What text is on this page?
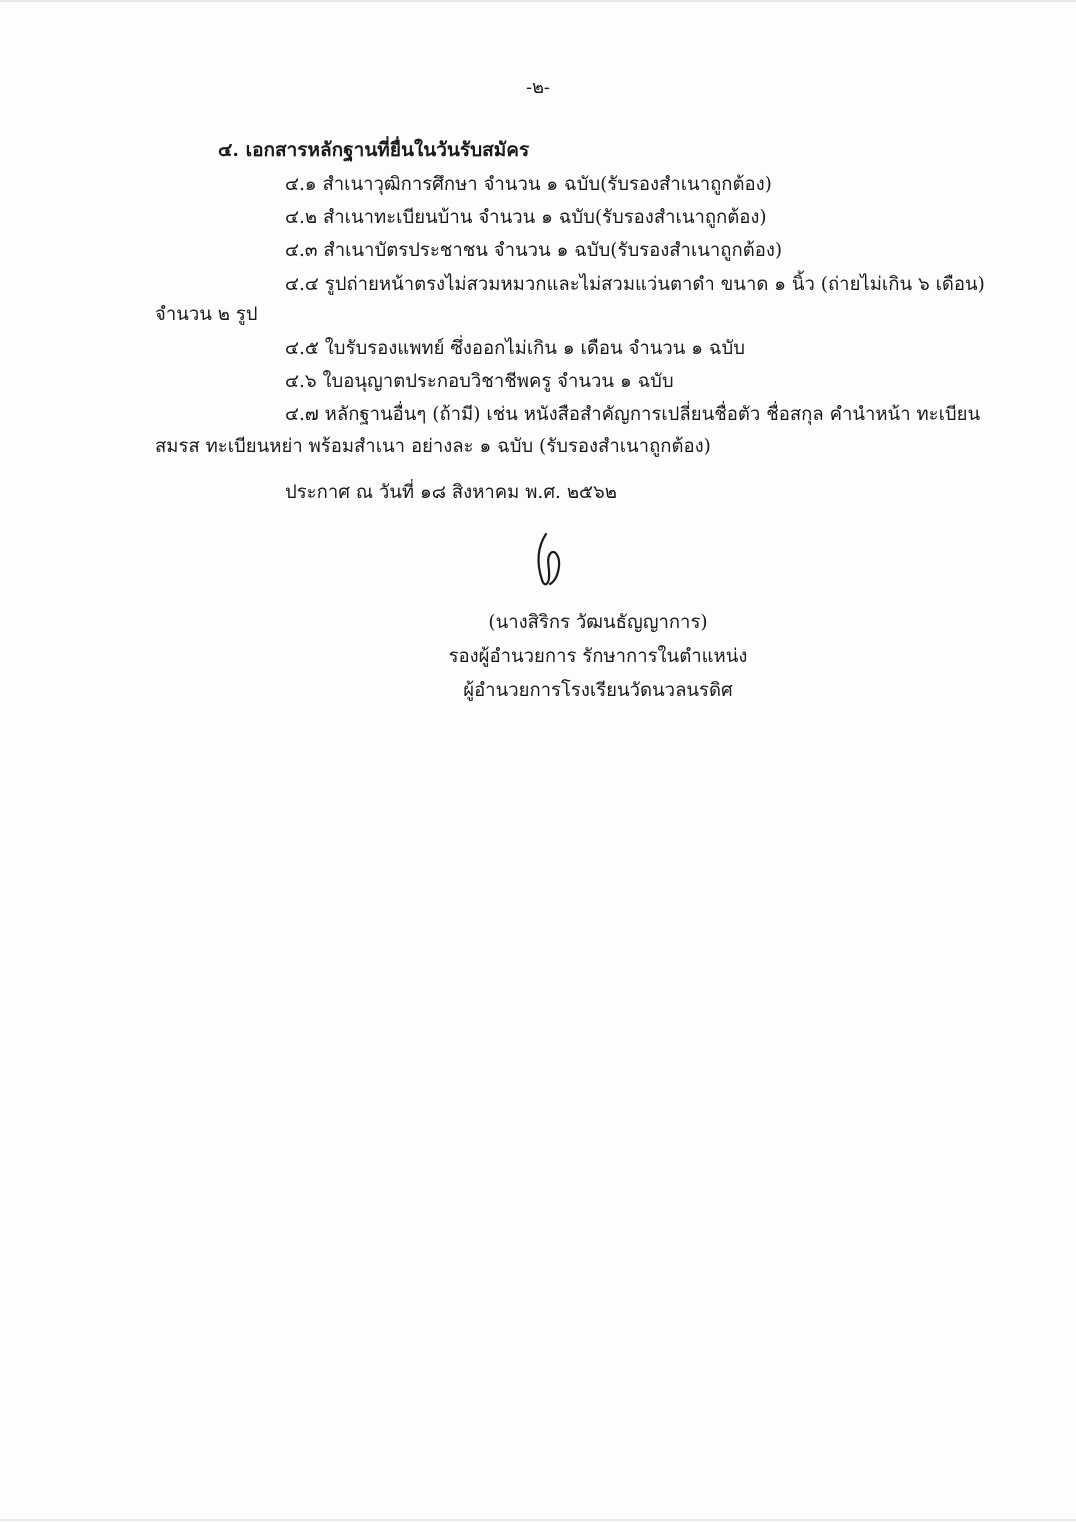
-๒-
๔. เอกสารหลักฐานที่ยื่นในวันรับสมัคร
๔.๑ สำเนาวุฒิการศึกษา จำนวน ๑ ฉบับ(รับรองสำเนาถูกต้อง)
๔.๒ สำเนาทะเบียนบ้าน จำนวน ๑ ฉบับ(รับรองสำเนาถูกต้อง)
๔.๓ สำเนาบัตรประชาชน จำนวน ๑ ฉบับ(รับรองสำเนาถูกต้อง)
๔.๔ รูปถ่ายหน้าตรงไม่สวมหมวกและไม่สวมแว่นตาดำ ขนาด ๑ นิ้ว (ถ่ายไม่เกิน ๖ เดือน)
จำนวน ๒ รูป
๔.๕ ใบรับรองแพทย์ ซึ่งออกไม่เกิน ๑ เดือน จำนวน ๑ ฉบับ
๔.๖ ใบอนุญาตประกอบวิชาชีพครู จำนวน ๑ ฉบับ
๔.๗ หลักฐานอื่นๆ (ถ้ามี) เช่น หนังสือสำคัญการเปลี่ยนชื่อตัว ชื่อสกุล คำนำหน้า ทะเบียน
สมรส ทะเบียนหย่า พร้อมสำเนา อย่างละ ๑ ฉบับ (รับรองสำเนาถูกต้อง)
ประกาศ ณ วันที่ ๑๘ สิงหาคม พ.ศ. ๒๕๖๒
(นางสิริกร วัฒนธัญญาการ)
รองผู้อำนวยการ รักษาการในตำแหน่ง
ผู้อำนวยการโรงเรียนวัดนวลนรดิศ
